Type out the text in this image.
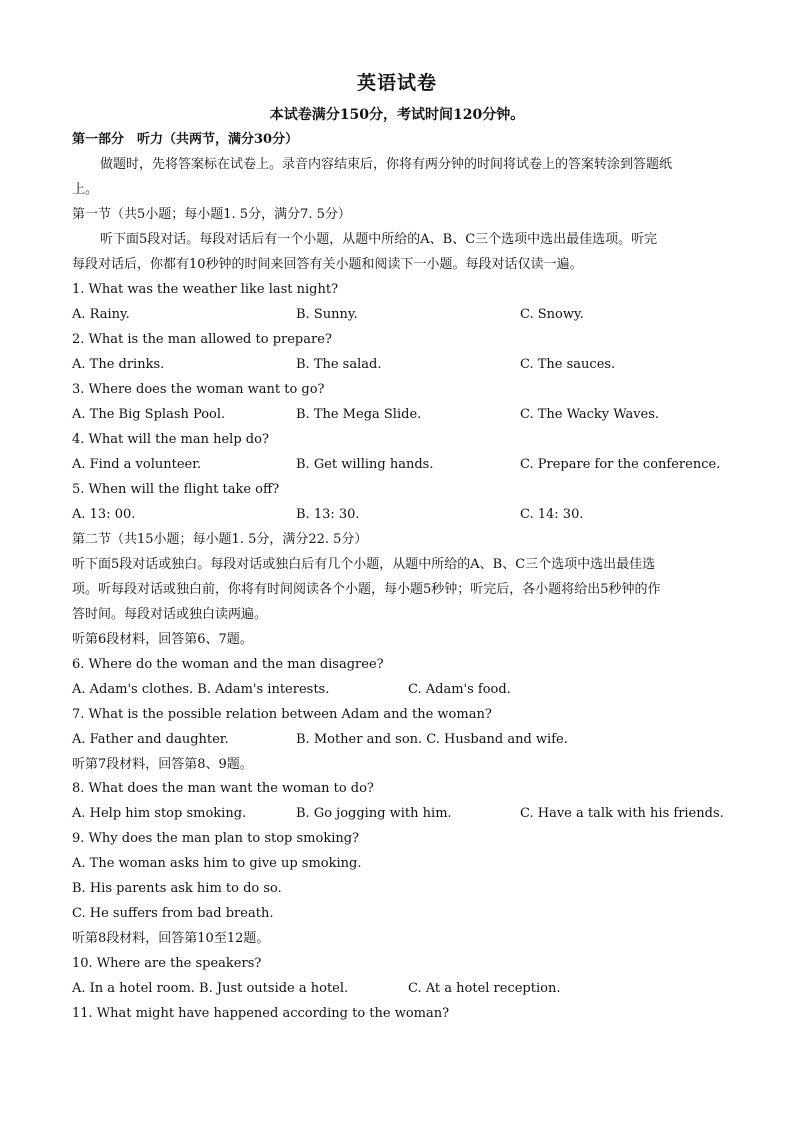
英语试卷
本试卷满分150分，考试时间120分钟。
第一部分　听力（共两节，满分30分）
做题时，先将答案标在试卷上。录音内容结束后，你将有两分钟的时间将试卷上的答案转涂到答题纸
上。
第一节（共5小题；每小题1. 5分，满分7. 5分）
听下面5段对话。每段对话后有一个小题，从题中所给的A、B、C三个选项中选出最佳选项。听完
每段对话后，你都有10秒钟的时间来回答有关小题和阅读下一小题。每段对话仅读一遍。
1. What was the weather like last night?
A. Rainy.	B. Sunny.	C. Snowy.
2. What is the man allowed to prepare?
A. The drinks.	B. The salad.	C. The sauces.
3. Where does the woman want to go?
A. The Big Splash Pool.	B. The Mega Slide.	C. The Wacky Waves.
4. What will the man help do?
A. Find a volunteer.	B. Get willing hands.	C. Prepare for the conference.
5. When will the flight take off?
A. 13: 00.	B. 13: 30.	C. 14: 30.
第二节（共15小题；每小题1. 5分，满分22. 5分）
听下面5段对话或独白。每段对话或独白后有几个小题，从题中所给的A、B、C三个选项中选出最佳选
项。听每段对话或独白前，你将有时间阅读各个小题，每小题5秒钟；听完后，各小题将给出5秒钟的作
答时间。每段对话或独白读两遍。
听第6段材料，回答第6、7题。
6. Where do the woman and the man disagree?
A. Adam's clothes. B. Adam's interests.	C. Adam's food.
7. What is the possible relation between Adam and the woman?
A. Father and daughter.	B. Mother and son. C. Husband and wife.
听第7段材料，回答第8、9题。
8. What does the man want the woman to do?
A. Help him stop smoking.	B. Go jogging with him.	C. Have a talk with his friends.
9. Why does the man plan to stop smoking?
A. The woman asks him to give up smoking.
B. His parents ask him to do so.
C. He suffers from bad breath.
听第8段材料，回答第10至12题。
10. Where are the speakers?
A. In a hotel room. B. Just outside a hotel.	C. At a hotel reception.
11. What might have happened according to the woman?
